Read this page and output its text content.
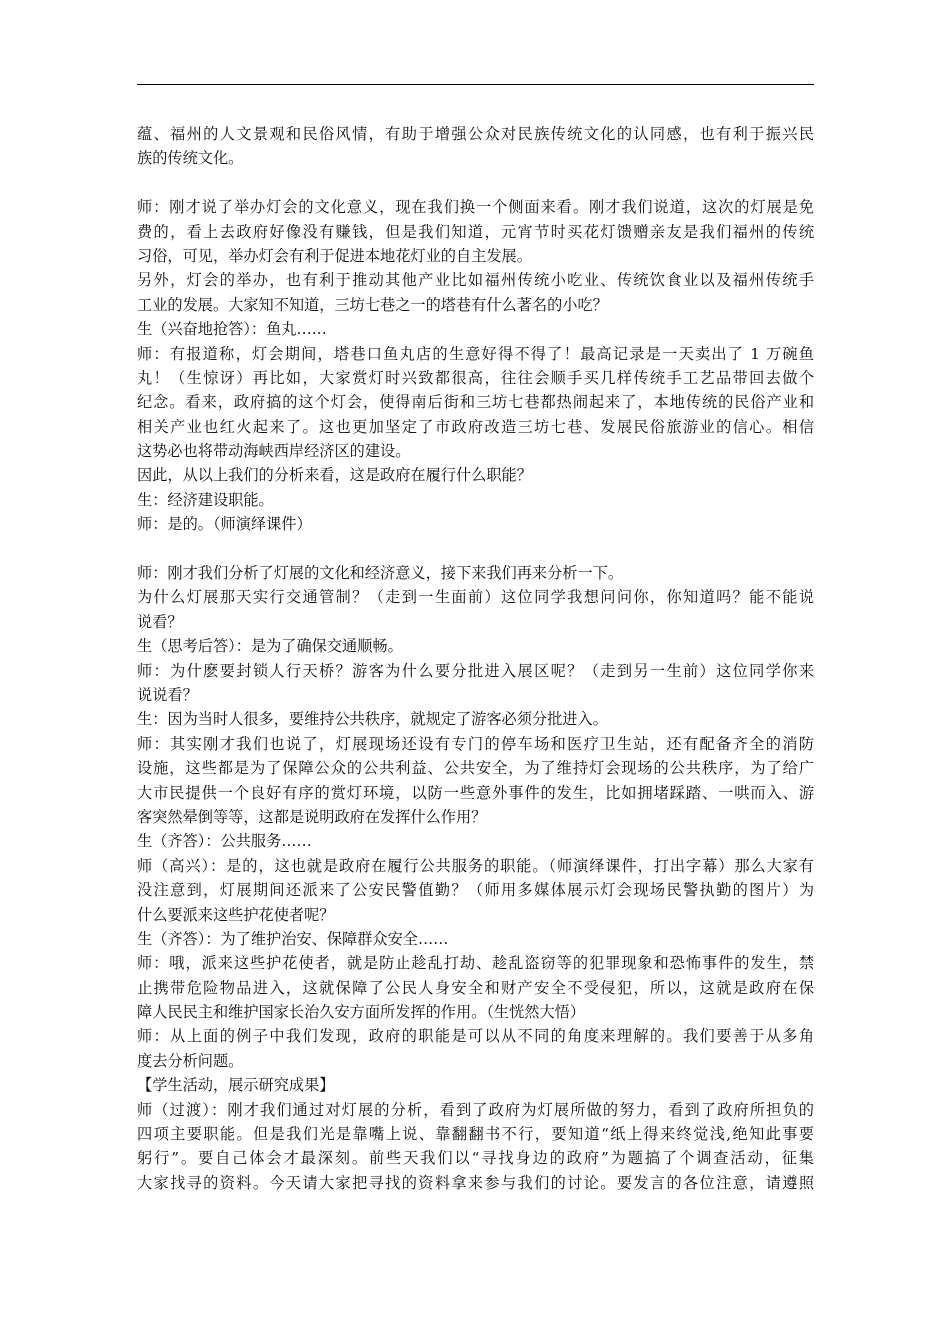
蕴、福州的人文景观和民俗风情，有助于增强公众对民族传统文化的认同感，也有利于振兴民
族的传统文化。
师：刚才说了举办灯会的文化意义，现在我们换一个侧面来看。刚才我们说道，这次的灯展是免
费的，看上去政府好像没有赚钱，但是我们知道，元宵节时买花灯馈赠亲友是我们福州的传统
习俗，可见，举办灯会有利于促进本地花灯业的自主发展。
另外，灯会的举办，也有利于推动其他产业比如福州传统小吃业、传统饮食业以及福州传统手
工业的发展。大家知不知道，三坊七巷之一的塔巷有什么著名的小吃？
生（兴奋地抢答）：鱼丸……
师：有报道称，灯会期间，塔巷口鱼丸店的生意好得不得了！最高记录是一天卖出了 1 万碗鱼
丸！（生惊讶）再比如，大家赏灯时兴致都很高，往往会顺手买几样传统手工艺品带回去做个
纪念。看来，政府搞的这个灯会，使得南后街和三坊七巷都热闹起来了，本地传统的民俗产业和
相关产业也红火起来了。这也更加坚定了市政府改造三坊七巷、发展民俗旅游业的信心。相信
这势必也将带动海峡西岸经济区的建设。
因此，从以上我们的分析来看，这是政府在履行什么职能？
生：经济建设职能。
师：是的。（师演绎课件）
师：刚才我们分析了灯展的文化和经济意义，接下来我们再来分析一下。
为什么灯展那天实行交通管制？（走到一生面前）这位同学我想问问你，你知道吗？能不能说
说看？
生（思考后答）：是为了确保交通顺畅。
师：为什麽要封锁人行天桥？游客为什么要分批进入展区呢？（走到另一生前）这位同学你来
说说看？
生：因为当时人很多，要维持公共秩序，就规定了游客必须分批进入。
师：其实刚才我们也说了，灯展现场还设有专门的停车场和医疗卫生站，还有配备齐全的消防
设施，这些都是为了保障公众的公共利益、公共安全，为了维持灯会现场的公共秩序，为了给广
大市民提供一个良好有序的赏灯环境，以防一些意外事件的发生，比如拥堵踩踏、一哄而入、游
客突然晕倒等等，这都是说明政府在发挥什么作用？
生（齐答）：公共服务……
师（高兴）：是的，这也就是政府在履行公共服务的职能。（师演绎课件，打出字幕）那么大家有
没注意到，灯展期间还派来了公安民警值勤？（师用多媒体展示灯会现场民警执勤的图片）为
什么要派来这些护花使者呢？
生（齐答）：为了维护治安、保障群众安全……
师：哦，派来这些护花使者，就是防止趁乱打劫、趁乱盗窃等的犯罪现象和恐怖事件的发生，禁
止携带危险物品进入，这就保障了公民人身安全和财产安全不受侵犯，所以，这就是政府在保
障人民民主和维护国家长治久安方面所发挥的作用。（生恍然大悟）
师：从上面的例子中我们发现，政府的职能是可以从不同的角度来理解的。我们要善于从多角
度去分析问题。
【学生活动，展示研究成果】
师（过渡）：刚才我们通过对灯展的分析，看到了政府为灯展所做的努力，看到了政府所担负的
四项主要职能。但是我们光是靠嘴上说、靠翻翻书不行，要知道“纸上得来终觉浅,绝知此事要
躬行”。要自己体会才最深刻。前些天我们以“寻找身边的政府”为题搞了个调查活动，征集
大家找寻的资料。今天请大家把寻找的资料拿来参与我们的讨论。要发言的各位注意，请遵照
